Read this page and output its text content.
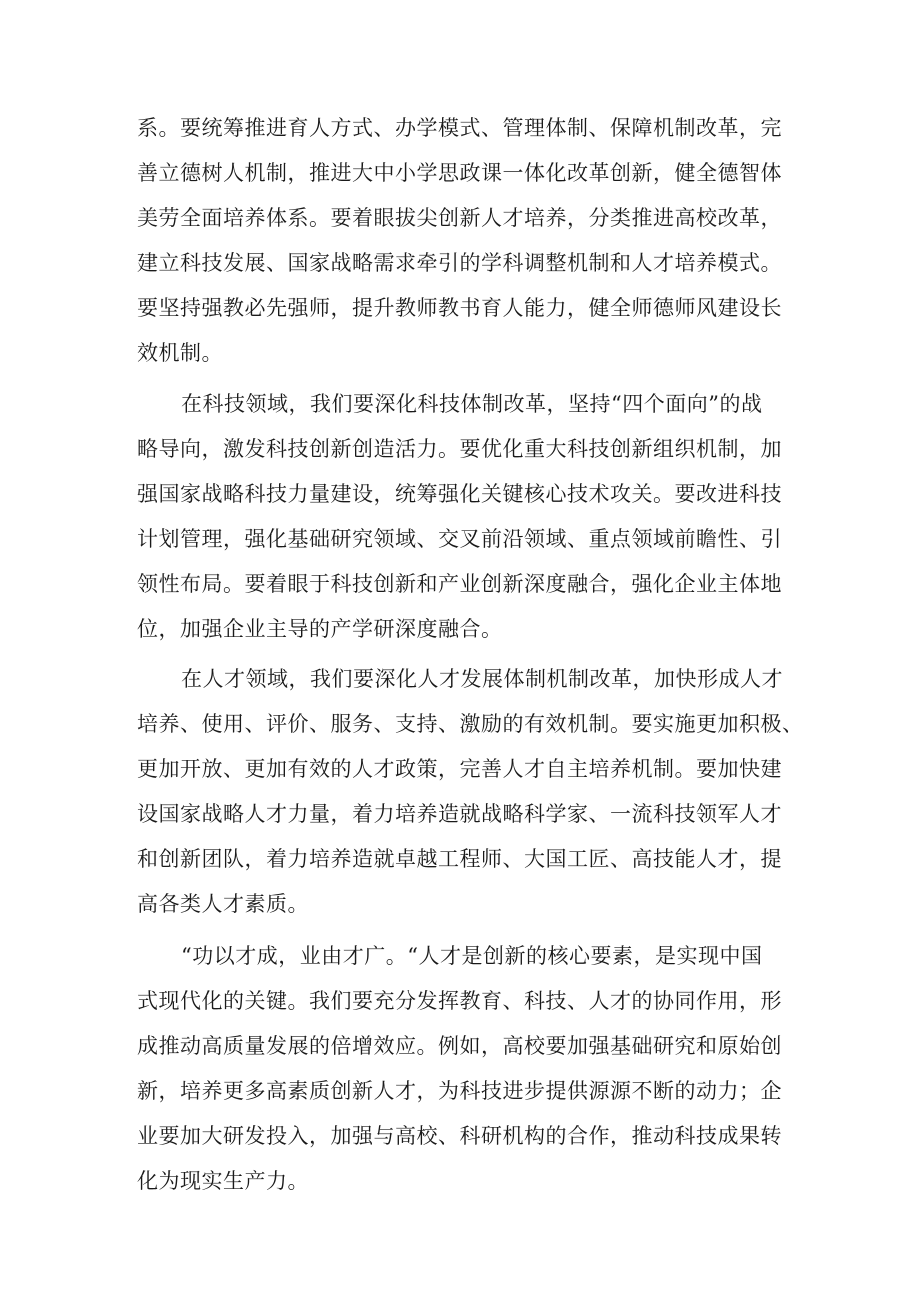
系。要统筹推进育人方式、办学模式、管理体制、保障机制改革，完
善立德树人机制，推进大中小学思政课一体化改革创新，健全德智体
美劳全面培养体系。要着眼拔尖创新人才培养，分类推进高校改革，
建立科技发展、国家战略需求牵引的学科调整机制和人才培养模式。
要坚持强教必先强师，提升教师教书育人能力，健全师德师风建设长
效机制。
在科技领域，我们要深化科技体制改革，坚持“四个面向”的战
略导向，激发科技创新创造活力。要优化重大科技创新组织机制，加
强国家战略科技力量建设，统筹强化关键核心技术攻关。要改进科技
计划管理，强化基础研究领域、交叉前沿领域、重点领域前瞻性、引
领性布局。要着眼于科技创新和产业创新深度融合，强化企业主体地
位，加强企业主导的产学研深度融合。
在人才领域，我们要深化人才发展体制机制改革，加快形成人才
培养、使用、评价、服务、支持、激励的有效机制。要实施更加积极、
更加开放、更加有效的人才政策，完善人才自主培养机制。要加快建
设国家战略人才力量，着力培养造就战略科学家、一流科技领军人才
和创新团队，着力培养造就卓越工程师、大国工匠、高技能人才，提
高各类人才素质。
“功以才成，业由才广。“人才是创新的核心要素，是实现中国
式现代化的关键。我们要充分发挥教育、科技、人才的协同作用，形
成推动高质量发展的倍增效应。例如，高校要加强基础研究和原始创
新，培养更多高素质创新人才，为科技进步提供源源不断的动力；企
业要加大研发投入，加强与高校、科研机构的合作，推动科技成果转
化为现实生产力。
